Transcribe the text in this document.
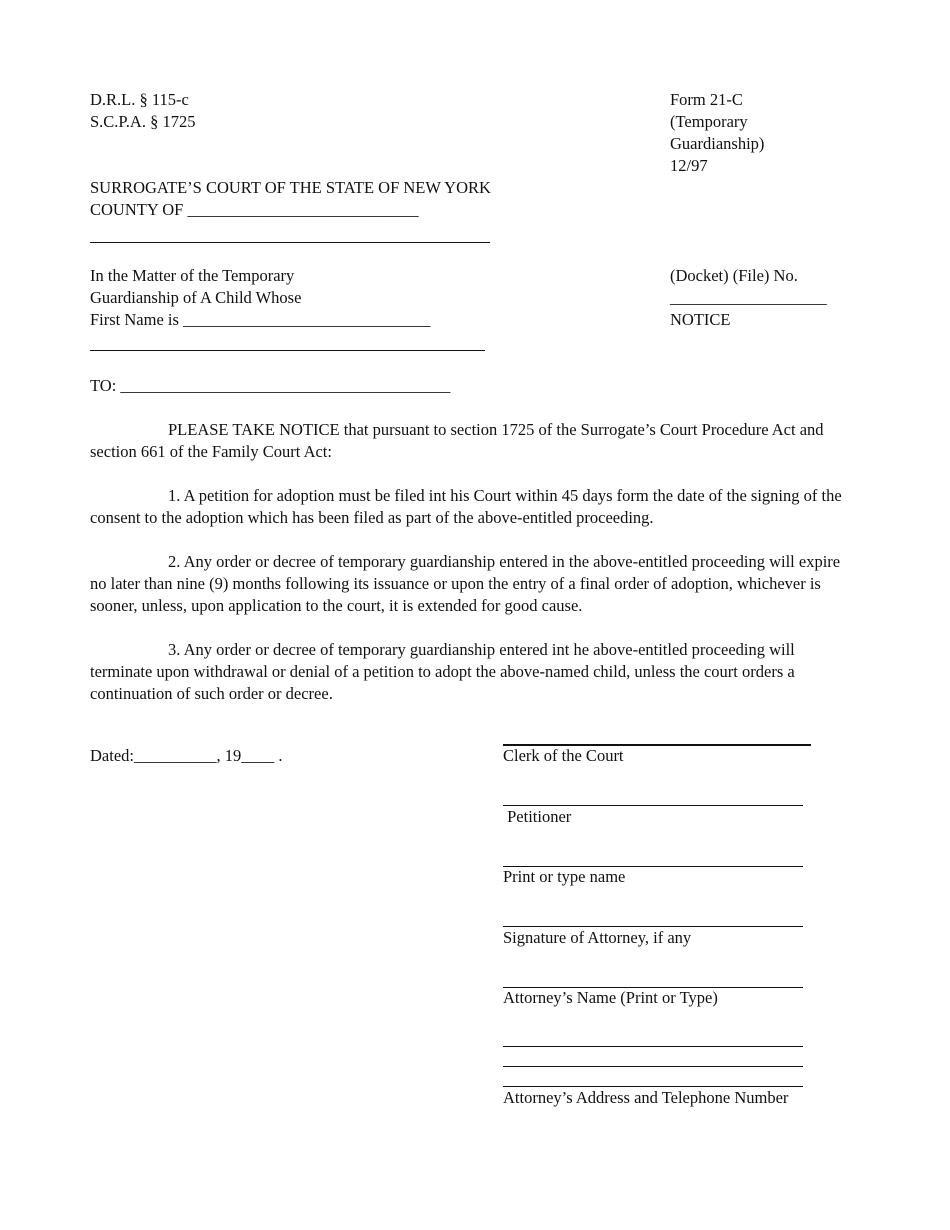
D.R.L. § 115-c
S.C.P.A. § 1725
Form 21-C
(Temporary
Guardianship)
12/97
SURROGATE’S COURT OF THE STATE OF NEW YORK
COUNTY OF ____________________________
In the Matter of the Temporary
Guardianship of A Child Whose
First Name is ______________________________
(Docket) (File) No.
___________________
NOTICE
TO: ________________________________________
PLEASE TAKE NOTICE that pursuant to section 1725 of the Surrogate’s Court Procedure Act and section 661 of the Family Court Act:
1. A petition for adoption must be filed int his Court within 45 days form the date of the signing of the consent to the adoption which has been filed as part of the above-entitled proceeding.
2. Any order or decree of temporary guardianship entered in the above-entitled proceeding will expire no later than nine (9) months following its issuance or upon the entry of a final order of adoption, whichever is sooner, unless, upon application to the court, it is extended for good cause.
3. Any order or decree of temporary guardianship entered int he above-entitled proceeding will terminate upon withdrawal or denial of a petition to adopt the above-named child, unless the court orders a continuation of such order or decree.
Dated:__________, 19____ .	Clerk of the Court
Petitioner
Print or type name
Signature of Attorney, if any
Attorney’s Name (Print or Type)
Attorney’s Address and Telephone Number
